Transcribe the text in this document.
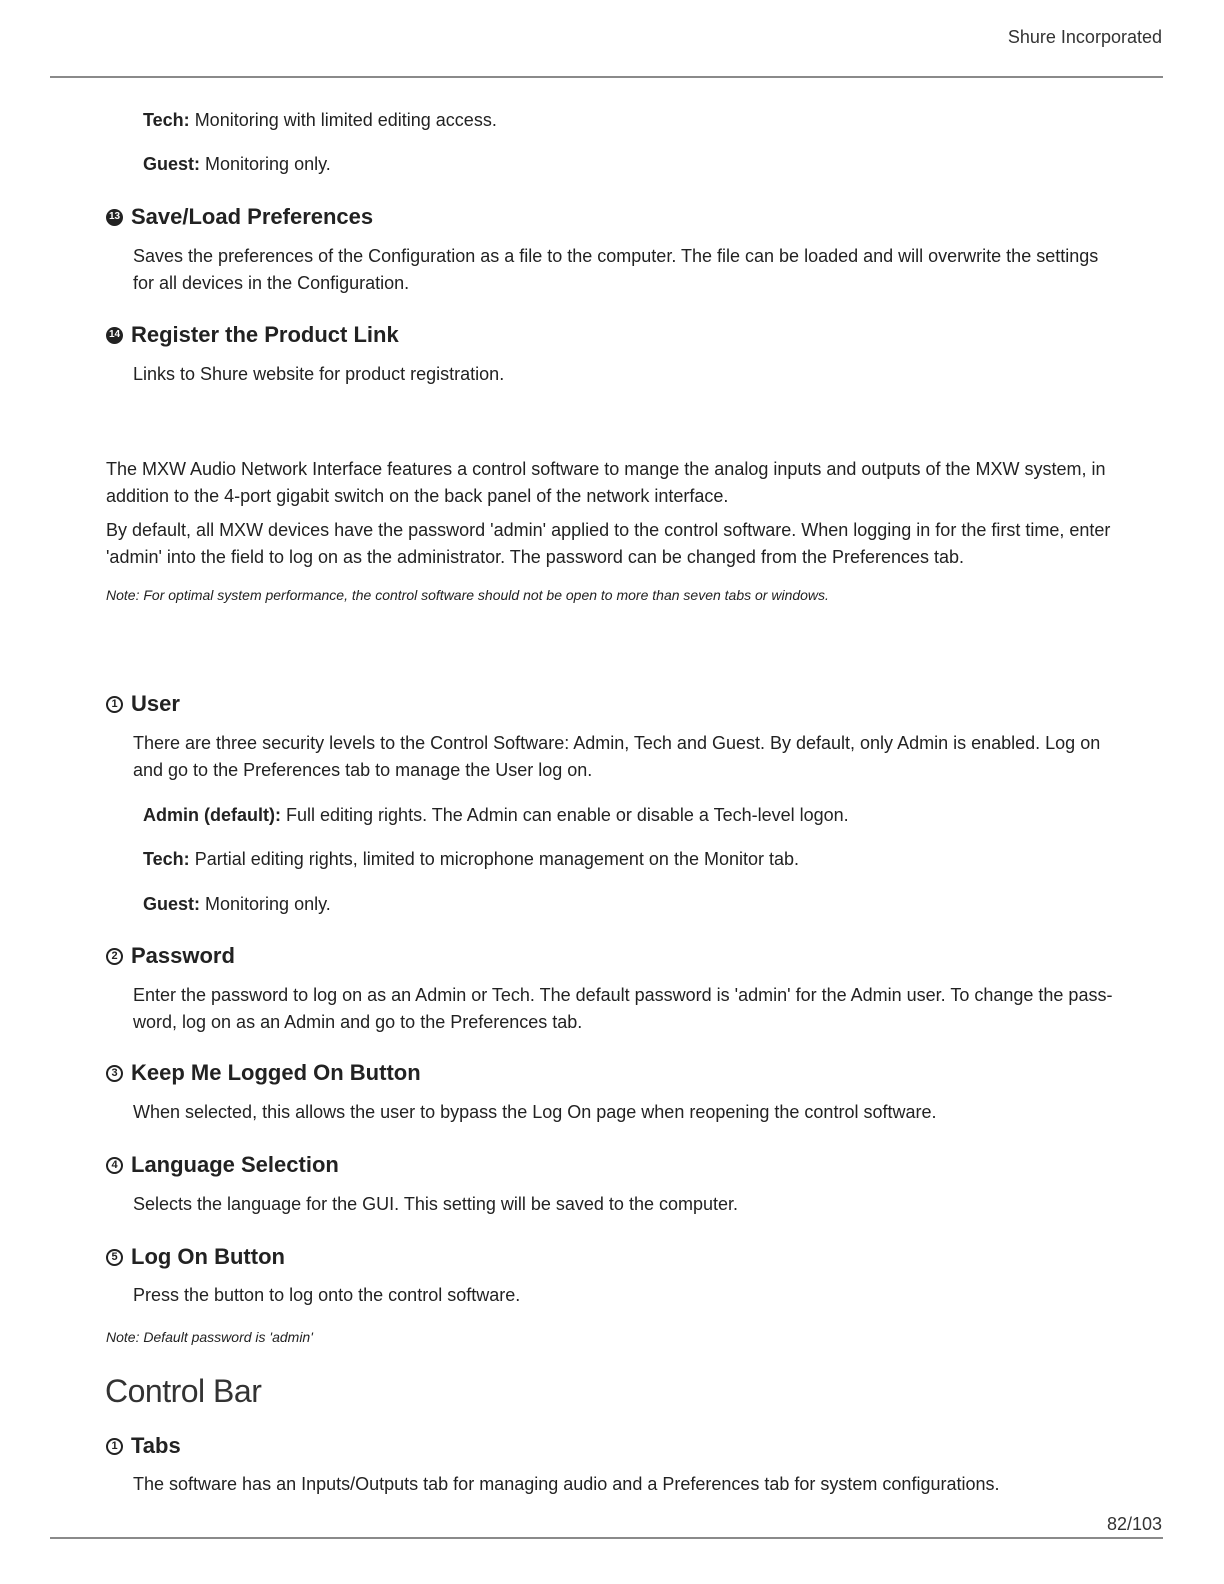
Shure Incorporated
Tech: Monitoring with limited editing access.
Guest: Monitoring only.
13 Save/Load Preferences
Saves the preferences of the Configuration as a file to the computer. The file can be loaded and will overwrite the settings for all devices in the Configuration.
14 Register the Product Link
Links to Shure website for product registration.
The MXW Audio Network Interface features a control software to mange the analog inputs and outputs of the MXW system, in addition to the 4-port gigabit switch on the back panel of the network interface.
By default, all MXW devices have the password 'admin' applied to the control software. When logging in for the first time, enter 'admin' into the field to log on as the administrator. The password can be changed from the Preferences tab.
Note: For optimal system performance, the control software should not be open to more than seven tabs or windows.
1 User
There are three security levels to the Control Software: Admin, Tech and Guest. By default, only Admin is enabled. Log on and go to the Preferences tab to manage the User log on.
Admin (default): Full editing rights. The Admin can enable or disable a Tech-level logon.
Tech: Partial editing rights, limited to microphone management on the Monitor tab.
Guest: Monitoring only.
2 Password
Enter the password to log on as an Admin or Tech. The default password is 'admin' for the Admin user. To change the pass-
word, log on as an Admin and go to the Preferences tab.
3 Keep Me Logged On Button
When selected, this allows the user to bypass the Log On page when reopening the control software.
4 Language Selection
Selects the language for the GUI. This setting will be saved to the computer.
5 Log On Button
Press the button to log onto the control software.
Note: Default password is 'admin'
Control Bar
1 Tabs
The software has an Inputs/Outputs tab for managing audio and a Preferences tab for system configurations.
82/103
